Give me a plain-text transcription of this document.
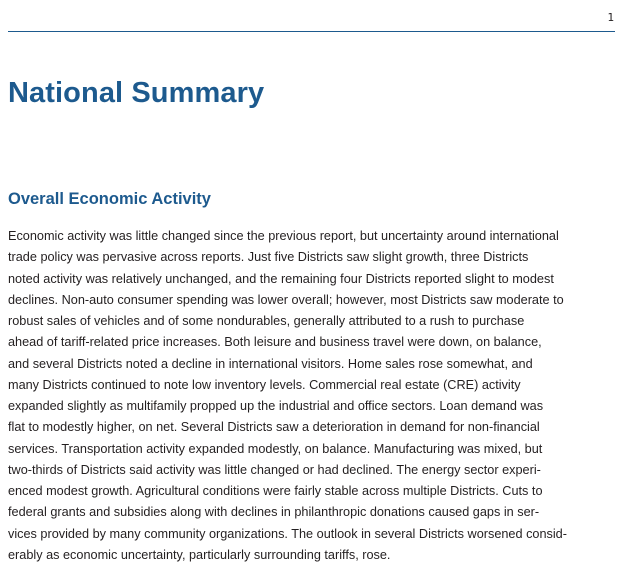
1
National Summary
Overall Economic Activity

Economic activity was little changed since the previous report, but uncertainty around international
trade policy was pervasive across reports. Just five Districts saw slight growth, three Districts
noted activity was relatively unchanged, and the remaining four Districts reported slight to modest
declines. Non-auto consumer spending was lower overall; however, most Districts saw moderate to
robust sales of vehicles and of some nondurables, generally attributed to a rush to purchase
ahead of tariff-related price increases. Both leisure and business travel were down, on balance,
and several Districts noted a decline in international visitors. Home sales rose somewhat, and
many Districts continued to note low inventory levels. Commercial real estate (CRE) activity
expanded slightly as multifamily propped up the industrial and office sectors. Loan demand was
flat to modestly higher, on net. Several Districts saw a deterioration in demand for non-financial
services. Transportation activity expanded modestly, on balance. Manufacturing was mixed, but
two-thirds of Districts said activity was little changed or had declined. The energy sector experi-
enced modest growth. Agricultural conditions were fairly stable across multiple Districts. Cuts to
federal grants and subsidies along with declines in philanthropic donations caused gaps in ser-
vices provided by many community organizations. The outlook in several Districts worsened consid-
erably as economic uncertainty, particularly surrounding tariffs, rose.
